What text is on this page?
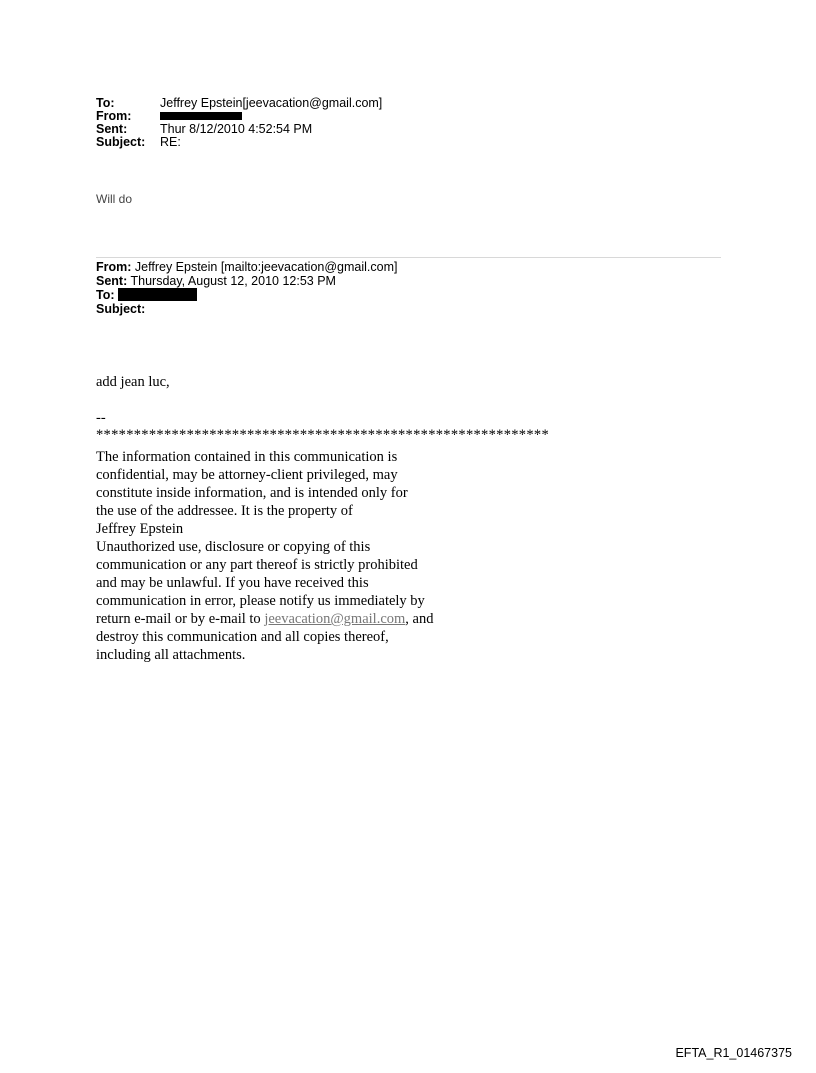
To:	Jeffrey Epstein[jeevacation@gmail.com]
From:
Sent:	Thur 8/12/2010 4:52:54 PM
Subject:	RE:
Will do
From: Jeffrey Epstein [mailto:jeevacation@gmail.com]
Sent: Thursday, August 12, 2010 12:53 PM
To:
Subject:
add jean luc,
--
************************************************************
The information contained in this communication is
confidential, may be attorney-client privileged, may
constitute inside information, and is intended only for
the use of the addressee. It is the property of
Jeffrey Epstein
Unauthorized use, disclosure or copying of this
communication or any part thereof is strictly prohibited
and may be unlawful. If you have received this
communication in error, please notify us immediately by
return e-mail or by e-mail to jeevacation@gmail.com, and
destroy this communication and all copies thereof,
including all attachments.
EFTA_R1_01467375
